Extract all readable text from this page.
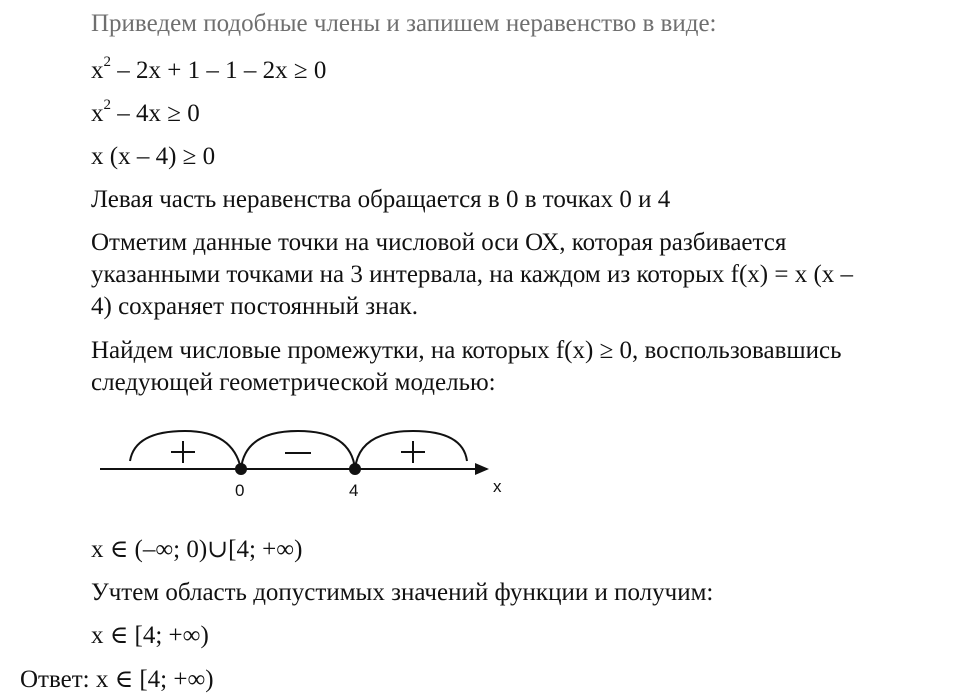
Приведем подобные члены и запишем неравенство в виде:

$x^2 - 2x + 1 - 1 - 2x \ge 0$

$x^2 - 4x \ge 0$

x (x – 4) ≥ 0

Левая часть неравенства обращается в 0 в точках 0 и 4

Отметим данные точки на числовой оси ОХ, которая разбивается

указанными точками на 3 интервала, на каждом из которых f(x) = x (x –

4) сохраняет постоянный знак.

Найдем числовые промежутки, на которых f(x) ≥ 0, воспользовавшись

следующей геометрической моделью:

0	4	x

x ∈ (–∞; 0)∪[4; +∞)

Учтем область допустимых значений функции и получим:

x ∈ [4; +∞)

Ответ: x ∈ [4; +∞)
